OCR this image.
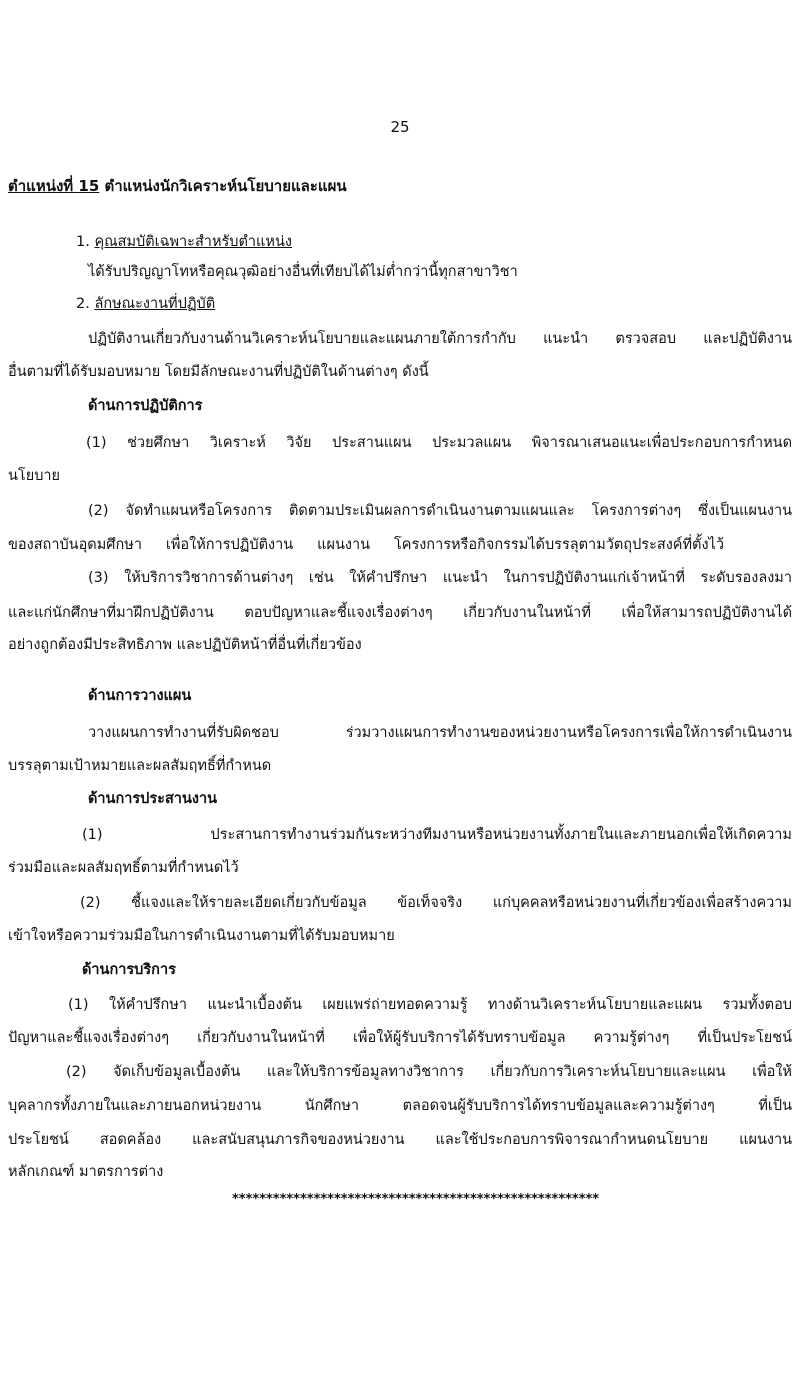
25
ตำแหน่งที่ 15 ตำแหน่งนักวิเคราะห์นโยบายและแผน
1. คุณสมบัติเฉพาะสำหรับตำแหน่ง
ได้รับปริญญาโทหรือคุณวุฒิอย่างอื่นที่เทียบได้ไม่ต่ำกว่านี้ทุกสาขาวิชา
2. ลักษณะงานที่ปฏิบัติ
ปฏิบัติงานเกี่ยวกับงานด้านวิเคราะห์นโยบายและแผนภายใต้การกำกับ แนะนำ ตรวจสอบ และปฏิบัติงาน
อื่นตามที่ได้รับมอบหมาย โดยมีลักษณะงานที่ปฏิบัติในด้านต่างๆ ดังนี้
ด้านการปฏิบัติการ
(1) ช่วยศึกษา วิเคราะห์ วิจัย ประสานแผน ประมวลแผน พิจารณาเสนอแนะเพื่อประกอบการกำหนด
นโยบาย
(2) จัดทำแผนหรือโครงการ ติดตามประเมินผลการดำเนินงานตามแผนและ โครงการต่างๆ ซึ่งเป็นแผนงาน
ของสถาบันอุดมศึกษา เพื่อให้การปฏิบัติงาน แผนงาน โครงการหรือกิจกรรมได้บรรลุตามวัตถุประสงค์ที่ตั้งไว้
(3) ให้บริการวิชาการด้านต่างๆ เช่น ให้คำปรึกษา แนะนำ ในการปฏิบัติงานแก่เจ้าหน้าที่ ระดับรองลงมา
และแก่นักศึกษาที่มาฝึกปฏิบัติงาน ตอบปัญหาและชี้แจงเรื่องต่างๆ เกี่ยวกับงานในหน้าที่ เพื่อให้สามารถปฏิบัติงานได้
อย่างถูกต้องมีประสิทธิภาพ และปฏิบัติหน้าที่อื่นที่เกี่ยวข้อง
ด้านการวางแผน
วางแผนการทำงานที่รับผิดชอบ ร่วมวางแผนการทำงานของหน่วยงานหรือโครงการเพื่อให้การดำเนินงาน
บรรลุตามเป้าหมายและผลสัมฤทธิ์ที่กำหนด
ด้านการประสานงาน
(1) ประสานการทำงานร่วมกันระหว่างทีมงานหรือหน่วยงานทั้งภายในและภายนอกเพื่อให้เกิดความ
ร่วมมือและผลสัมฤทธิ์ตามที่กำหนดไว้
(2) ชี้แจงและให้รายละเอียดเกี่ยวกับข้อมูล ข้อเท็จจริง แก่บุคคลหรือหน่วยงานที่เกี่ยวข้องเพื่อสร้างความ
เข้าใจหรือความร่วมมือในการดำเนินงานตามที่ได้รับมอบหมาย
ด้านการบริการ
(1) ให้คำปรึกษา แนะนำเบื้องต้น เผยแพร่ถ่ายทอดความรู้ ทางด้านวิเคราะห์นโยบายและแผน รวมทั้งตอบ
ปัญหาและชี้แจงเรื่องต่างๆ เกี่ยวกับงานในหน้าที่ เพื่อให้ผู้รับบริการได้รับทราบข้อมูล ความรู้ต่างๆ ที่เป็นประโยชน์
(2) จัดเก็บข้อมูลเบื้องต้น และให้บริการข้อมูลทางวิชาการ เกี่ยวกับการวิเคราะห์นโยบายและแผน เพื่อให้
บุคลากรทั้งภายในและภายนอกหน่วยงาน นักศึกษา ตลอดจนผู้รับบริการได้ทราบข้อมูลและความรู้ต่างๆ ที่เป็น
ประโยชน์ สอดคล้อง และสนับสนุนภารกิจของหน่วยงาน และใช้ประกอบการพิจารณากำหนดนโยบาย แผนงาน
หลักเกณฑ์ มาตรการต่าง
******************************************************
